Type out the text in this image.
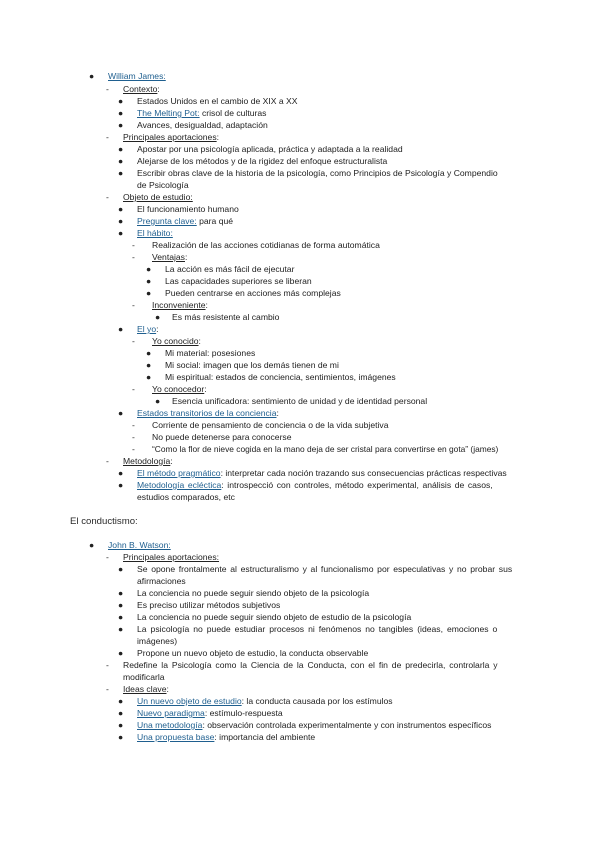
● William James:
- Contexto:
● Estados Unidos en el cambio de XIX a XX
● The Melting Pot: crisol de culturas
● Avances, desigualdad, adaptación
- Principales aportaciones:
● Apostar por una psicología aplicada, práctica y adaptada a la realidad
● Alejarse de los métodos y de la rigidez del enfoque estructuralista
● Escribir obras clave de la historia de la psicología, como Principios de Psicología y Compendio
de Psicología
- Objeto de estudio:
● El funcionamiento humano
● Pregunta clave: para qué
● El hábito:
- Realización de las acciones cotidianas de forma automática
- Ventajas:
● La acción es más fácil de ejecutar
● Las capacidades superiores se liberan
● Pueden centrarse en acciones más complejas
- Inconveniente:
● Es más resistente al cambio
● El yo:
- Yo conocido:
● Mi material: posesiones
● Mi social: imagen que los demás tienen de mi
● Mi espiritual: estados de conciencia, sentimientos, imágenes
- Yo conocedor:
● Esencia unificadora: sentimiento de unidad y de identidad personal
● Estados transitorios de la conciencia:
- Corriente de pensamiento de conciencia o de la vida subjetiva
- No puede detenerse para conocerse
- “Como la flor de nieve cogida en la mano deja de ser cristal para convertirse en gota” (james)
- Metodología:
● El método pragmático: interpretar cada noción trazando sus consecuencias prácticas respectivas
● Metodología ecléctica: introspecció con controles, método experimental, análisis de casos,
estudios comparados, etc
El conductismo:
● John B. Watson:
- Principales aportaciones:
● Se opone frontalmente al estructuralismo y al funcionalismo por especulativas y no probar sus
afirmaciones
● La conciencia no puede seguir siendo objeto de la psicología
● Es preciso utilizar métodos subjetivos
● La conciencia no puede seguir siendo objeto de estudio de la psicología
● La psicología no puede estudiar procesos ni fenómenos no tangibles (ideas, emociones o
imágenes)
● Propone un nuevo objeto de estudio, la conducta observable
- Redefine la Psicología como la Ciencia de la Conducta, con el fin de predecirla, controlarla y
modificarla
- Ideas clave:
● Un nuevo objeto de estudio: la conducta causada por los estímulos
● Nuevo paradigma: estímulo-respuesta
● Una metodología: observación controlada experimentalmente y con instrumentos específicos
● Una propuesta base: importancia del ambiente
